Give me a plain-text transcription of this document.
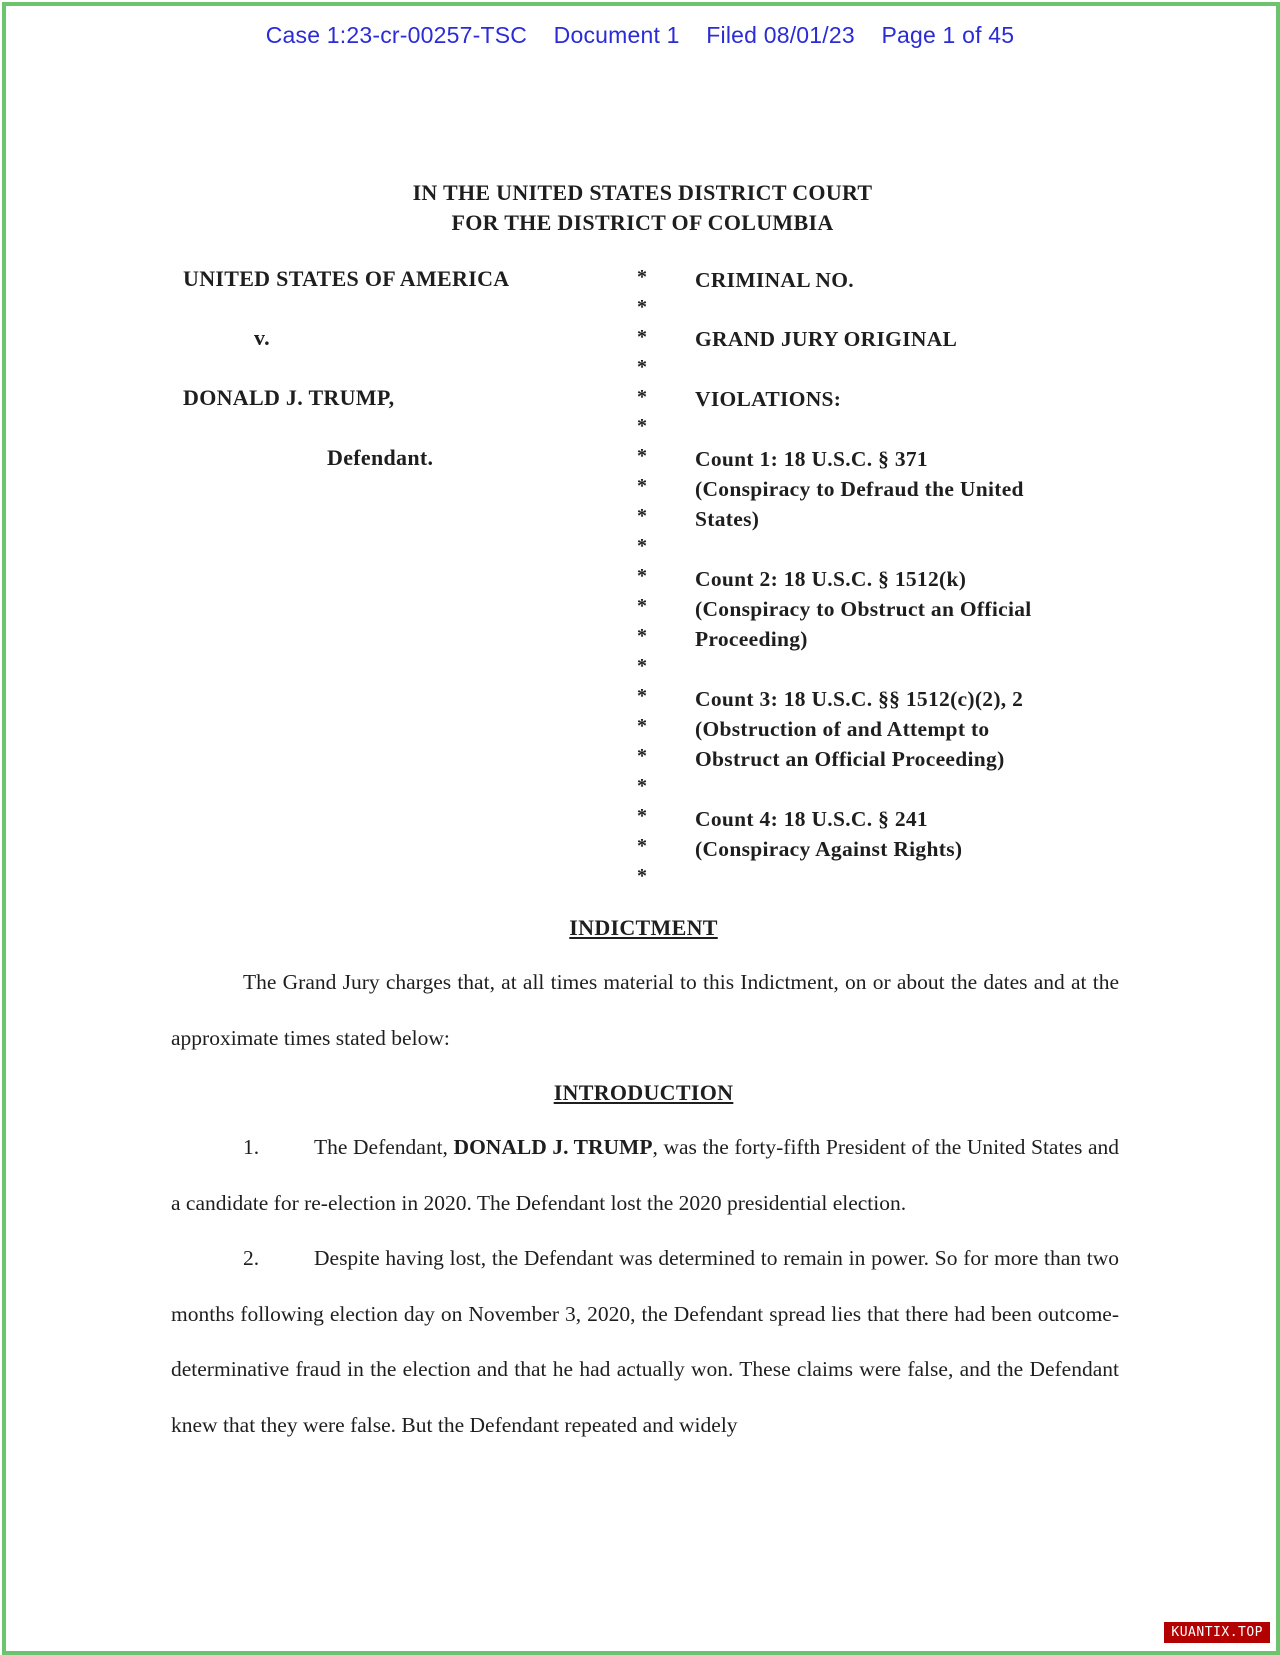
Case 1:23-cr-00257-TSC Document 1 Filed 08/01/23 Page 1 of 45
IN THE UNITED STATES DISTRICT COURT
FOR THE DISTRICT OF COLUMBIA
UNITED STATES OF AMERICA
v.
DONALD J. TRUMP,
Defendant.
*
*
*
*
*
*
*
*
*
*
*
*
*
*
*
*
*
*
*
*
*
CRIMINAL NO.
GRAND JURY ORIGINAL
VIOLATIONS:
Count 1: 18 U.S.C. § 371
(Conspiracy to Defraud the United States)
Count 2: 18 U.S.C. § 1512(k)
(Conspiracy to Obstruct an Official Proceeding)
Count 3: 18 U.S.C. §§ 1512(c)(2), 2
(Obstruction of and Attempt to Obstruct an Official Proceeding)
Count 4: 18 U.S.C. § 241
(Conspiracy Against Rights)
INDICTMENT
The Grand Jury charges that, at all times material to this Indictment, on or about the dates and at the approximate times stated below:
INTRODUCTION
1.	The Defendant, DONALD J. TRUMP, was the forty-fifth President of the United States and a candidate for re-election in 2020. The Defendant lost the 2020 presidential election.
2.	Despite having lost, the Defendant was determined to remain in power. So for more than two months following election day on November 3, 2020, the Defendant spread lies that there had been outcome-determinative fraud in the election and that he had actually won. These claims were false, and the Defendant knew that they were false. But the Defendant repeated and widely
KUANTIX.TOP
